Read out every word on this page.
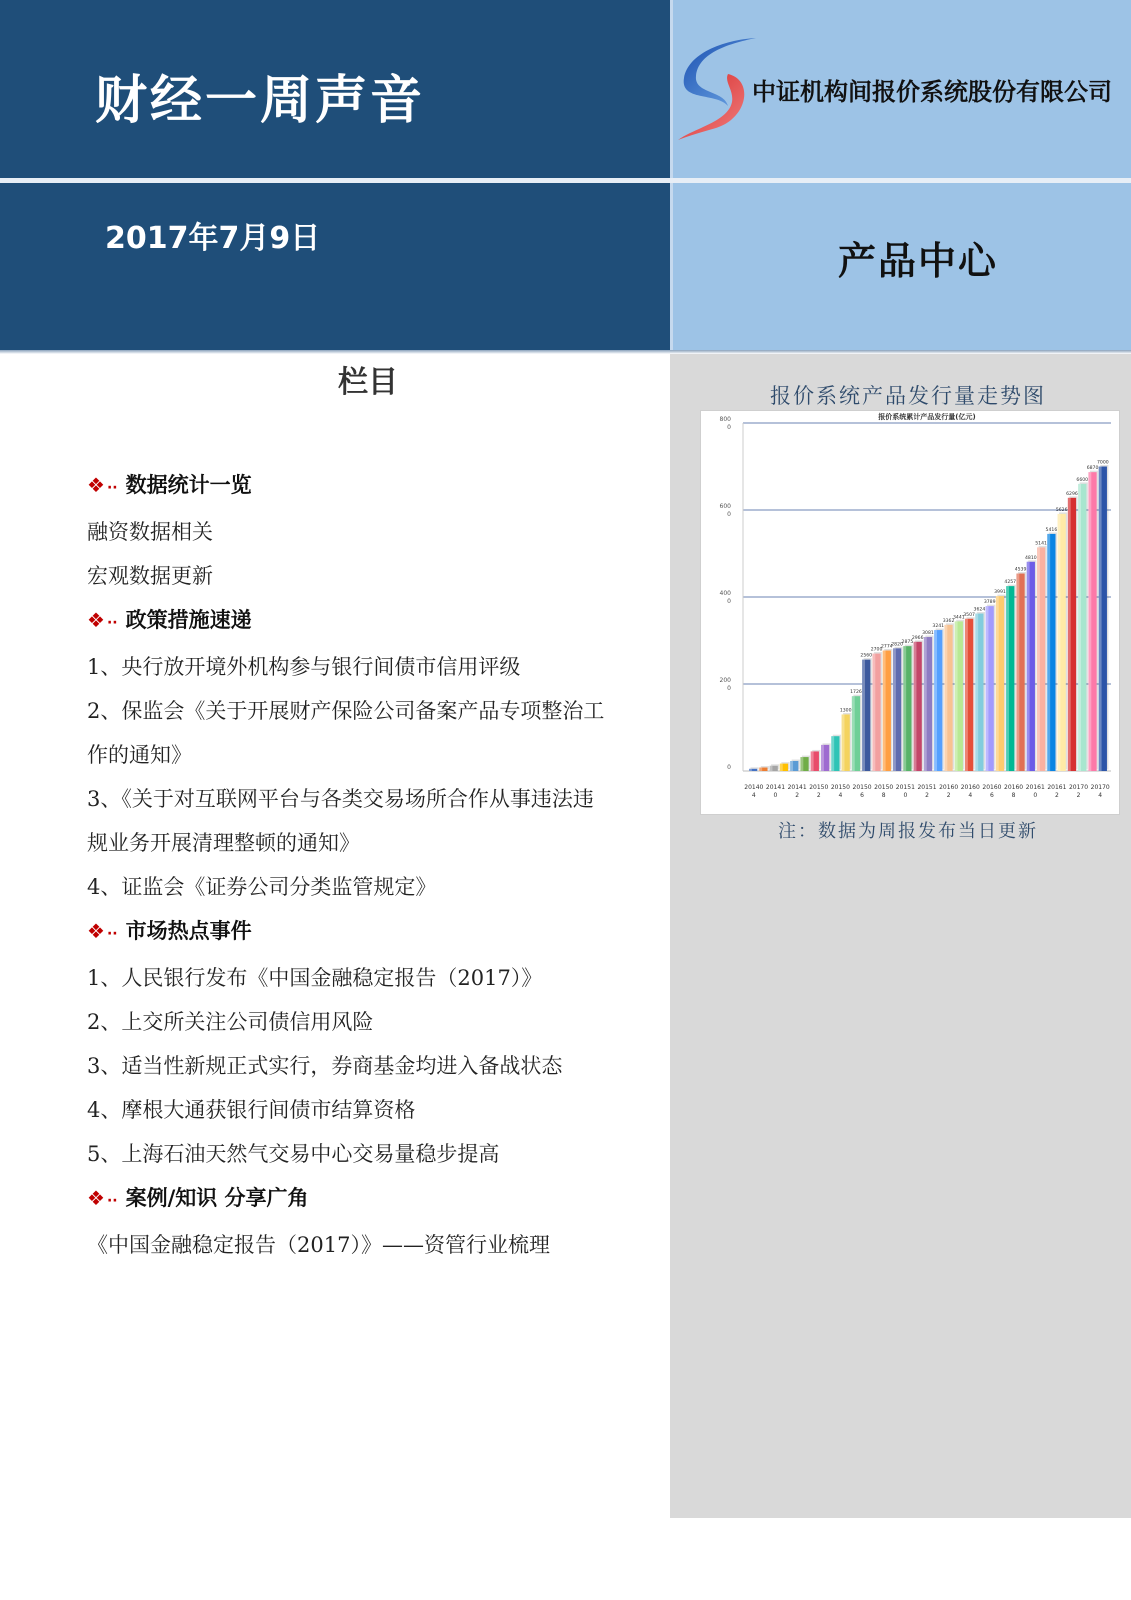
财经一周声音
2017年7月9日
中证机构间报价系统股份有限公司
产品中心
栏目
❖ ·· 数据统计一览
融资数据相关
宏观数据更新
❖ ·· 政策措施速递
1、央行放开境外机构参与银行间债市信用评级
2、保监会《关于开展财产保险公司备案产品专项整治工
作的通知》
3、《关于对互联网平台与各类交易场所合作从事违法违
规业务开展清理整顿的通知》
4、证监会《证券公司分类监管规定》
❖ ·· 市场热点事件
1、人民银行发布《中国金融稳定报告（2017）》
2、上交所关注公司债信用风险
3、适当性新规正式实行，券商基金均进入备战状态
4、摩根大通获银行间债市结算资格
5、上海石油天然气交易中心交易量稳步提高
❖ ·· 案例/知识 分享广角
《中国金融稳定报告（2017）》——资管行业梳理
报价系统产品发行量走势图
报价系统累计产品发行量(亿元)
0
200
0
400
0
600
0
800
0
1300
1726
2560
2700
2774
2820
2875
2966
3081
3241
3362
3441
3507
3624
3789
3991
4257
4539
4810
5141
5416
5626
6296
6600
6870
7000
20140
4
20141
0
20141
2
20150
2
20150
4
20150
6
20150
8
20151
0
20151
2
20160
2
20160
4
20160
6
20160
8
20161
0
20161
2
20170
2
20170
4
注：数据为周报发布当日更新
